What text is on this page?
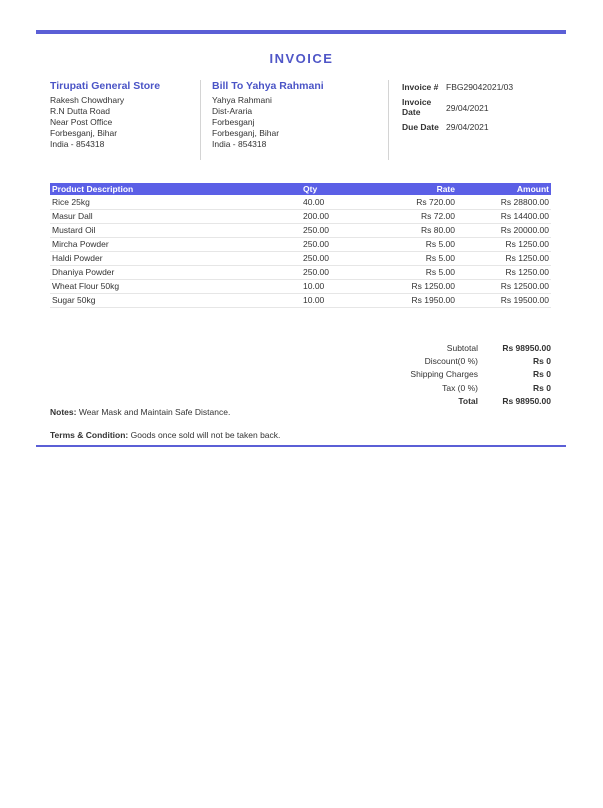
INVOICE
Tirupati General Store
Rakesh Chowdhary
R.N Dutta Road
Near Post Office
Forbesganj, Bihar
India - 854318
Bill To Yahya Rahmani
Yahya Rahmani
Dist-Araria
Forbesganj
Forbesganj, Bihar
India - 854318
Invoice # FBG29042021/03
Invoice Date	29/04/2021
Due Date 29/04/2021
Product Description	Qty	Rate	Amount
Rice 25kg	40.00	Rs 720.00	Rs 28800.00
Masur Dall	200.00	Rs 72.00	Rs 14400.00
Mustard Oil	250.00	Rs 80.00	Rs 20000.00
Mircha Powder	250.00	Rs 5.00	Rs 1250.00
Haldi Powder	250.00	Rs 5.00	Rs 1250.00
Dhaniya Powder	250.00	Rs 5.00	Rs 1250.00
Wheat Flour 50kg	10.00	Rs 1250.00	Rs 12500.00
Sugar 50kg	10.00	Rs 1950.00	Rs 19500.00
Subtotal	Rs 98950.00
Discount(0 %)	Rs 0
Shipping Charges	Rs 0
Tax (0 %)	Rs 0
Total	Rs 98950.00
Notes: Wear Mask and Maintain Safe Distance.
Terms & Condition: Goods once sold will not be taken back.
